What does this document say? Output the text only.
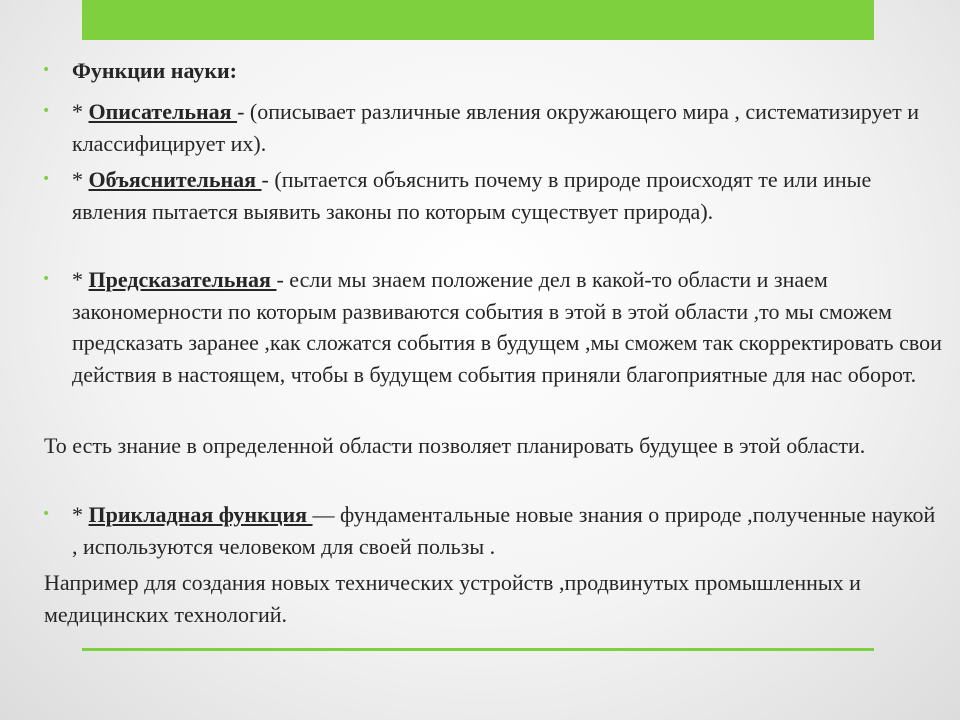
• Функции науки:

• * Описательная - (описывает различные явления окружающего мира , систематизирует и классифицирует их).

• * Объяснительная - (пытается объяснить почему в природе происходят те или иные явления пытается выявить законы по которым существует природа).

• * Предсказательная - если мы знаем положение дел в какой-то области и знаем закономерности по которым развиваются события в этой в этой области ,то мы сможем предсказать заранее ,как сложатся события в будущем ,мы сможем так скорректировать свои действия в настоящем, чтобы в будущем события приняли благоприятные для нас оборот.

То есть знание в определенной области позволяет планировать будущее в этой области.

• * Прикладная функция — фундаментальные новые знания о природе ,полученные наукой , используются человеком для своей пользы .

Например для создания новых технических устройств ,продвинутых промышленных и медицинских технологий.
